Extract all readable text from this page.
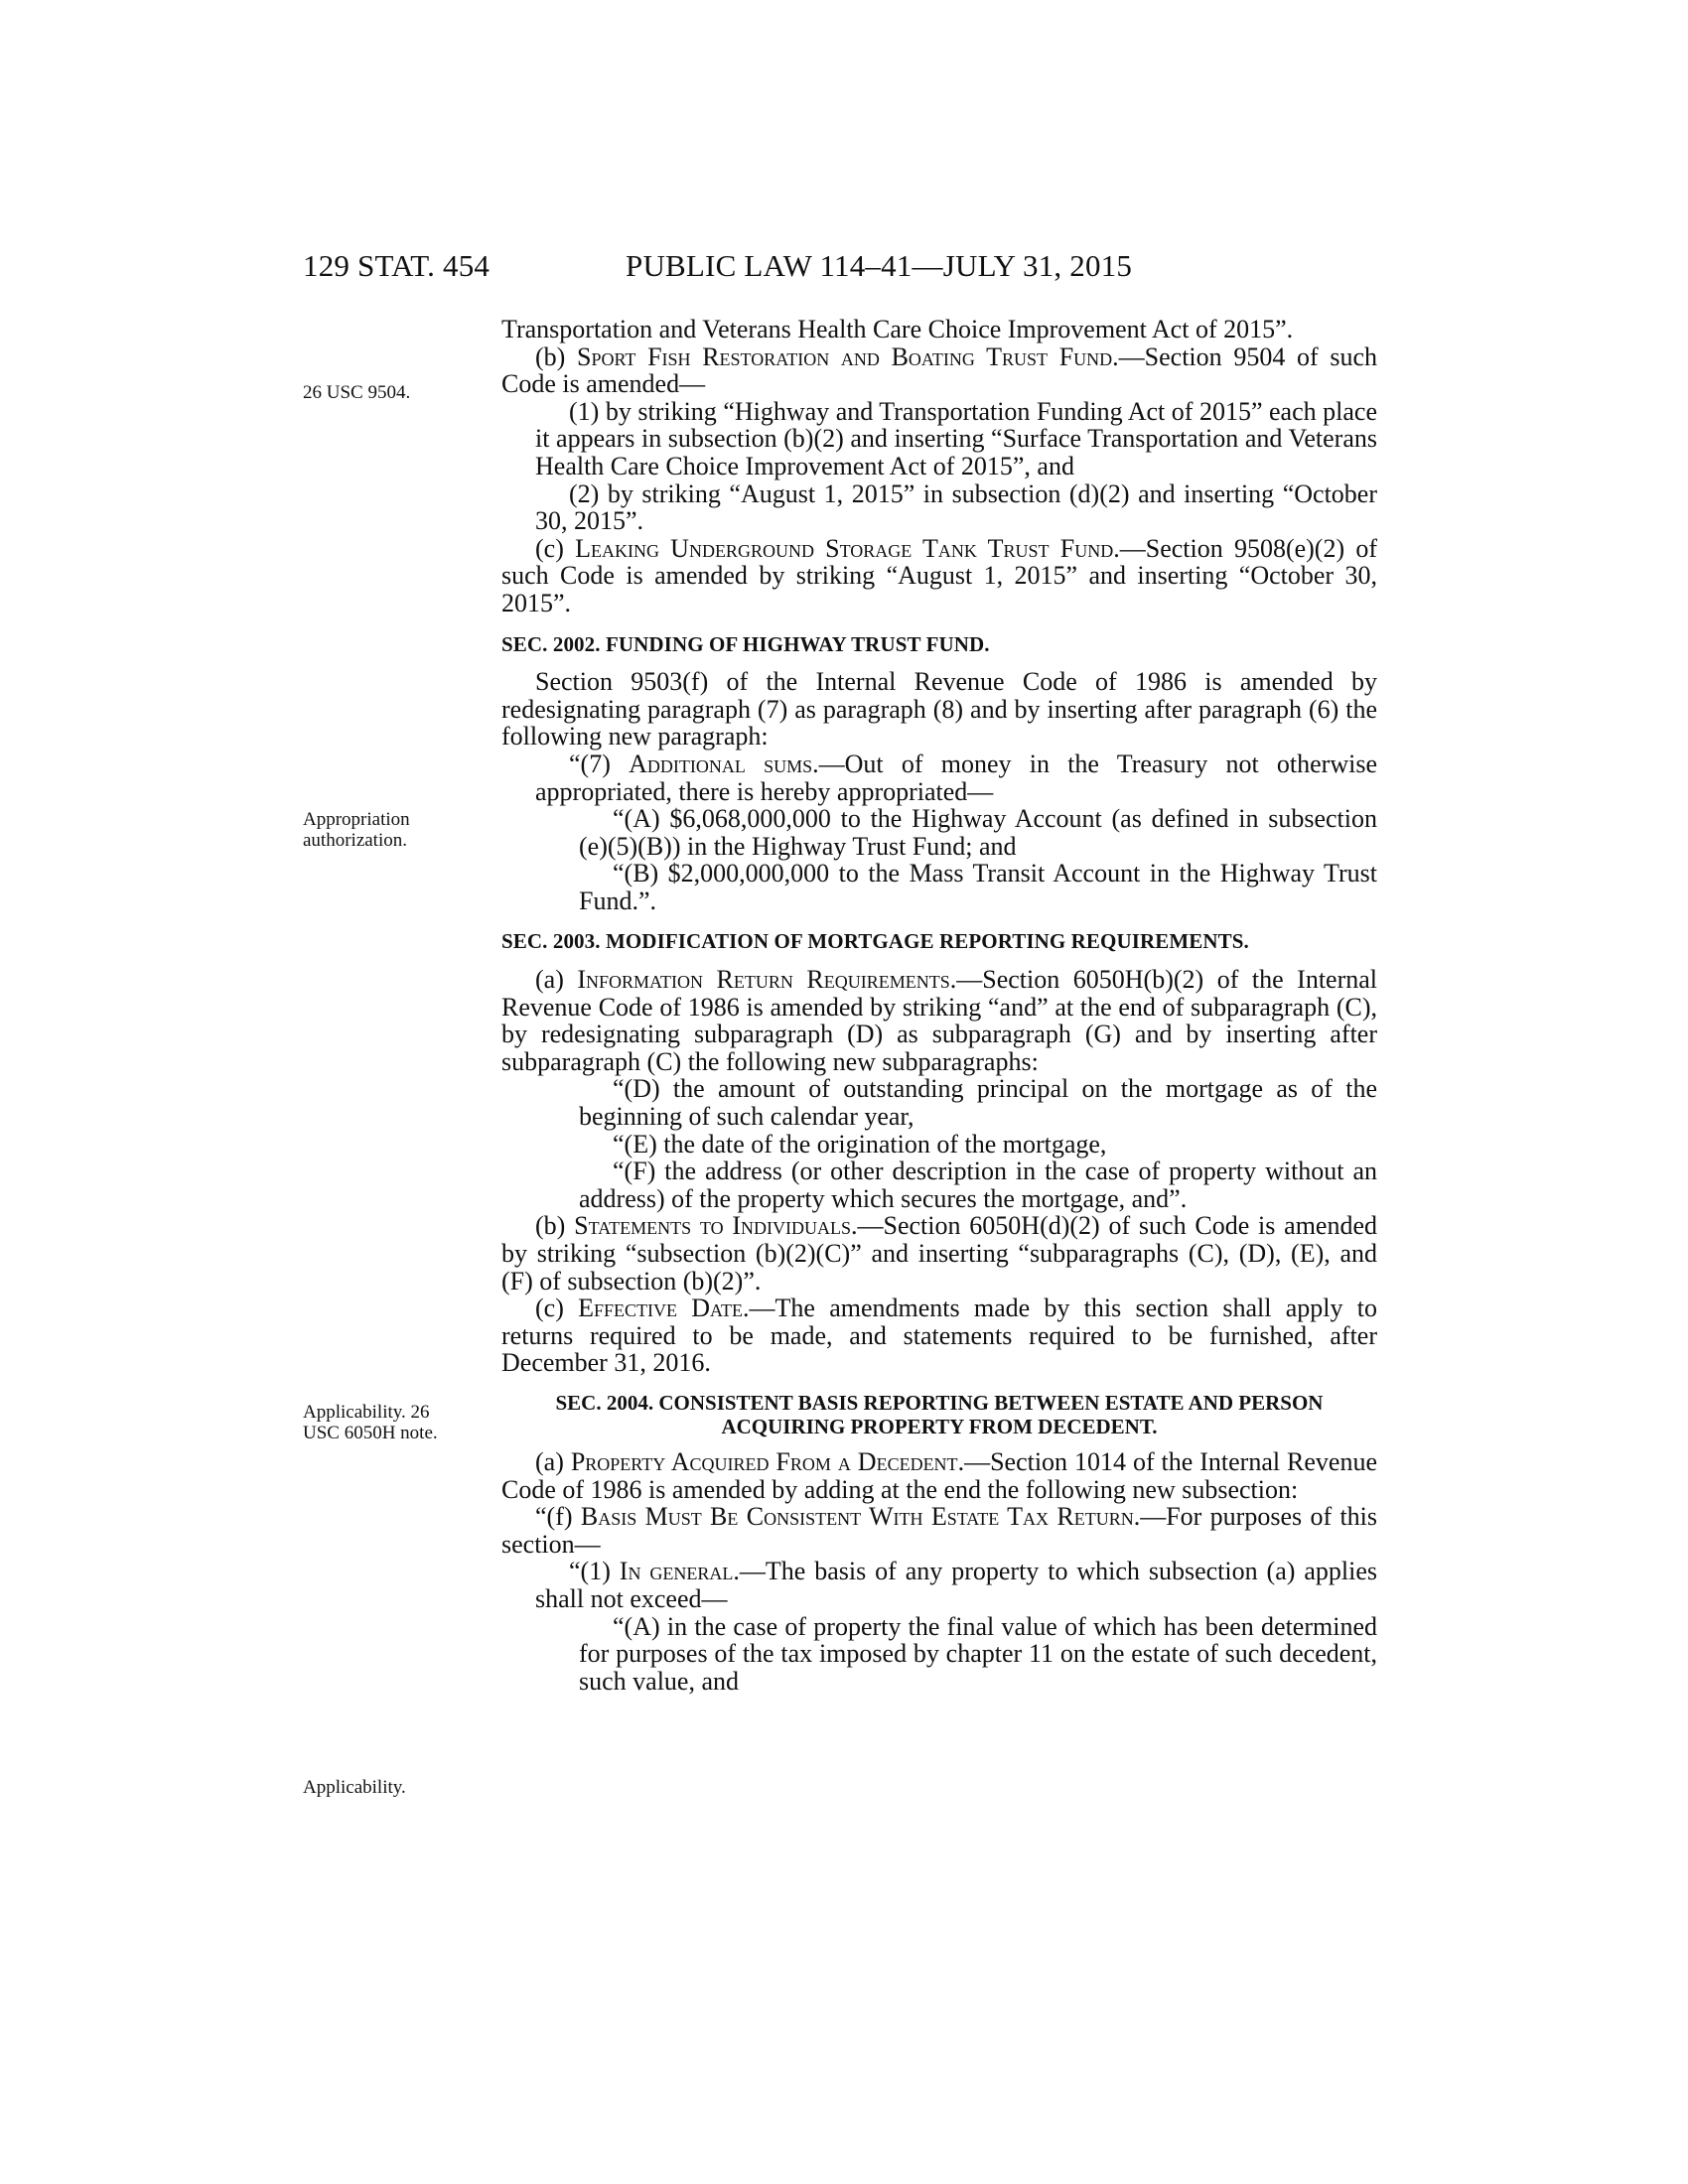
129 STAT. 454	PUBLIC LAW 114–41—JULY 31, 2015
26 USC 9504.
Appropriation authorization.
Applicability. 26 USC 6050H note.
Applicability.

Transportation and Veterans Health Care Choice Improvement Act of 2015”.

(b) Sport Fish Restoration and Boating Trust Fund.—Section 9504 of such Code is amended—

(1) by striking “Highway and Transportation Funding Act of 2015” each place it appears in subsection (b)(2) and inserting “Surface Transportation and Veterans Health Care Choice Improvement Act of 2015”, and

(2) by striking “August 1, 2015” in subsection (d)(2) and inserting “October 30, 2015”.

(c) Leaking Underground Storage Tank Trust Fund.—Section 9508(e)(2) of such Code is amended by striking “August 1, 2015” and inserting “October 30, 2015”.

SEC. 2002. FUNDING OF HIGHWAY TRUST FUND.

Section 9503(f) of the Internal Revenue Code of 1986 is amended by redesignating paragraph (7) as paragraph (8) and by inserting after paragraph (6) the following new paragraph:

“(7) Additional sums.—Out of money in the Treasury not otherwise appropriated, there is hereby appropriated—

“(A) $6,068,000,000 to the Highway Account (as defined in subsection (e)(5)(B)) in the Highway Trust Fund; and

“(B) $2,000,000,000 to the Mass Transit Account in the Highway Trust Fund.”.

SEC. 2003. MODIFICATION OF MORTGAGE REPORTING REQUIREMENTS.

(a) Information Return Requirements.—Section 6050H(b)(2) of the Internal Revenue Code of 1986 is amended by striking “and” at the end of subparagraph (C), by redesignating subparagraph (D) as subparagraph (G) and by inserting after subparagraph (C) the following new subparagraphs:

“(D) the amount of outstanding principal on the mortgage as of the beginning of such calendar year,

“(E) the date of the origination of the mortgage,

“(F) the address (or other description in the case of property without an address) of the property which secures the mortgage, and”.

(b) Statements to Individuals.—Section 6050H(d)(2) of such Code is amended by striking “subsection (b)(2)(C)” and inserting “subparagraphs (C), (D), (E), and (F) of subsection (b)(2)”.

(c) Effective Date.—The amendments made by this section shall apply to returns required to be made, and statements required to be furnished, after December 31, 2016.

SEC. 2004. CONSISTENT BASIS REPORTING BETWEEN ESTATE AND PERSON ACQUIRING PROPERTY FROM DECEDENT.

(a) Property Acquired From a Decedent.—Section 1014 of the Internal Revenue Code of 1986 is amended by adding at the end the following new subsection:

“(f) Basis Must Be Consistent With Estate Tax Return.—For purposes of this section—

“(1) In general.—The basis of any property to which subsection (a) applies shall not exceed—

“(A) in the case of property the final value of which has been determined for purposes of the tax imposed by chapter 11 on the estate of such decedent, such value, and
